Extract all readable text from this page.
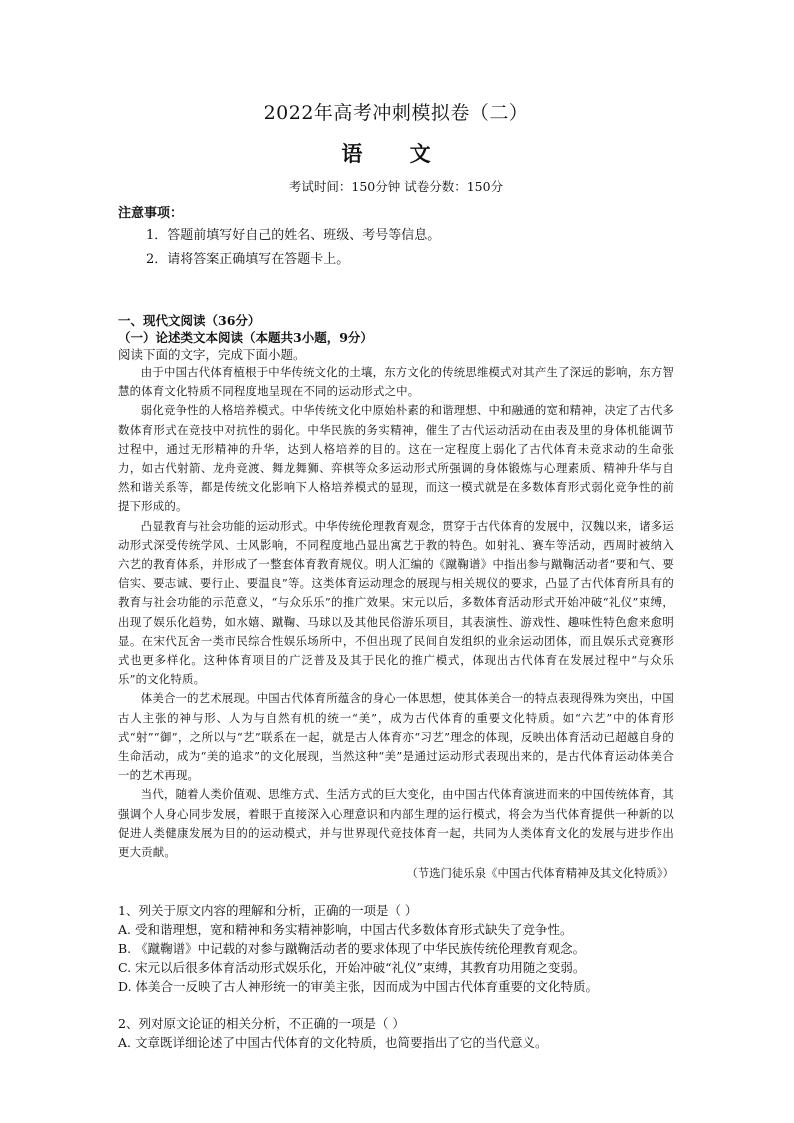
2022年高考冲刺模拟卷（二）
语 文
考试时间：150分钟 试卷分数：150分
注意事项：
1．答题前填写好自己的姓名、班级、考号等信息。
2．请将答案正确填写在答题卡上。
一、现代文阅读（36分）
（一）论述类文本阅读（本题共3小题，9分）
阅读下面的文字，完成下面小题。

由于中国古代体育植根于中华传统文化的土壤，东方文化的传统思维模式对其产生了深远的影响，东方智慧的体育文化特质不同程度地呈现在不同的运动形式之中。

弱化竞争性的人格培养模式。中华传统文化中原始朴素的和谐理想、中和融通的宽和精神，决定了古代多数体育形式在竞技中对抗性的弱化。中华民族的务实精神，催生了古代运动活动在由表及里的身体机能调节过程中，通过无形精神的升华，达到人格培养的目的。这在一定程度上弱化了古代体育未竞求动的生命张力，如古代射箭、龙舟竞渡、舞龙舞狮、弈棋等众多运动形式所强调的身体锻炼与心理素质、精神升华与自然和谐关系等，都是传统文化影响下人格培养模式的显现，而这一模式就是在多数体育形式弱化竞争性的前提下形成的。

凸显教育与社会功能的运动形式。中华传统伦理教育观念，贯穿于古代体育的发展中，汉魏以来，诸多运动形式深受传统学风、士风影响，不同程度地凸显出寓艺于教的特色。如射礼、赛车等活动，西周时被纳入六艺的教育体系，并形成了一整套体育教育规仪。明人汇编的《蹴鞠谱》中指出参与蹴鞠活动者“要和气、要信实、要志诚、要行止、要温良”等。这类体育运动理念的展现与相关规仪的要求，凸显了古代体育所具有的教育与社会功能的示范意义，“与众乐乐”的推广效果。宋元以后，多数体育活动形式开始冲破“礼仪”束缚，出现了娱乐化趋势，如水嬉、蹴鞠、马球以及其他民俗游乐项目，其表演性、游戏性、趣味性特色愈来愈明显。在宋代瓦舍一类市民综合性娱乐场所中，不但出现了民间自发组织的业余运动团体，而且娱乐式竞赛形式也更多样化。这种体育项目的广泛普及及其于民化的推广模式，体现出古代体育在发展过程中“与众乐乐”的文化特质。

体美合一的艺术展现。中国古代体育所蕴含的身心一体思想，使其体美合一的特点表现得殊为突出，中国古人主张的神与形、人为与自然有机的统一“美”，成为古代体育的重要文化特质。如“六艺”中的体育形式“射”“御”，之所以与“艺”联系在一起，就是古人体育亦“习艺”理念的体现，反映出体育活动已超越自身的生命活动，成为“美的追求”的文化展现，当然这种“美”是通过运动形式表现出来的，是古代体育运动体美合一的艺术再现。

当代，随着人类价值观、思维方式、生活方式的巨大变化，由中国古代体育演进而来的中国传统体育，其强调个人身心同步发展，着眼于直接深入心理意识和内部生理的运行模式，将会为当代体育提供一种新的以促进人类健康发展为目的的运动模式，并与世界现代竞技体育一起，共同为人类体育文化的发展与进步作出更大贡献。

（节选门徒乐泉《中国古代体育精神及其文化特质》）
1、列关于原文内容的理解和分析，正确的一项是（ ）
A. 受和谐理想，宽和精神和务实精神影响，中国古代多数体育形式缺失了竞争性。
B. 《蹴鞠谱》中记载的对参与蹴鞠活动者的要求体现了中华民族传统伦理教育观念。
C. 宋元以后很多体育活动形式娱乐化，开始冲破“礼仪”束缚，其教育功用随之变弱。
D. 体美合一反映了古人神形统一的审美主张，因而成为中国古代体育重要的文化特质。
2、列对原文论证的相关分析，不正确的一项是（ ）
A. 文章既详细论述了中国古代体育的文化特质，也简要指出了它的当代意义。
